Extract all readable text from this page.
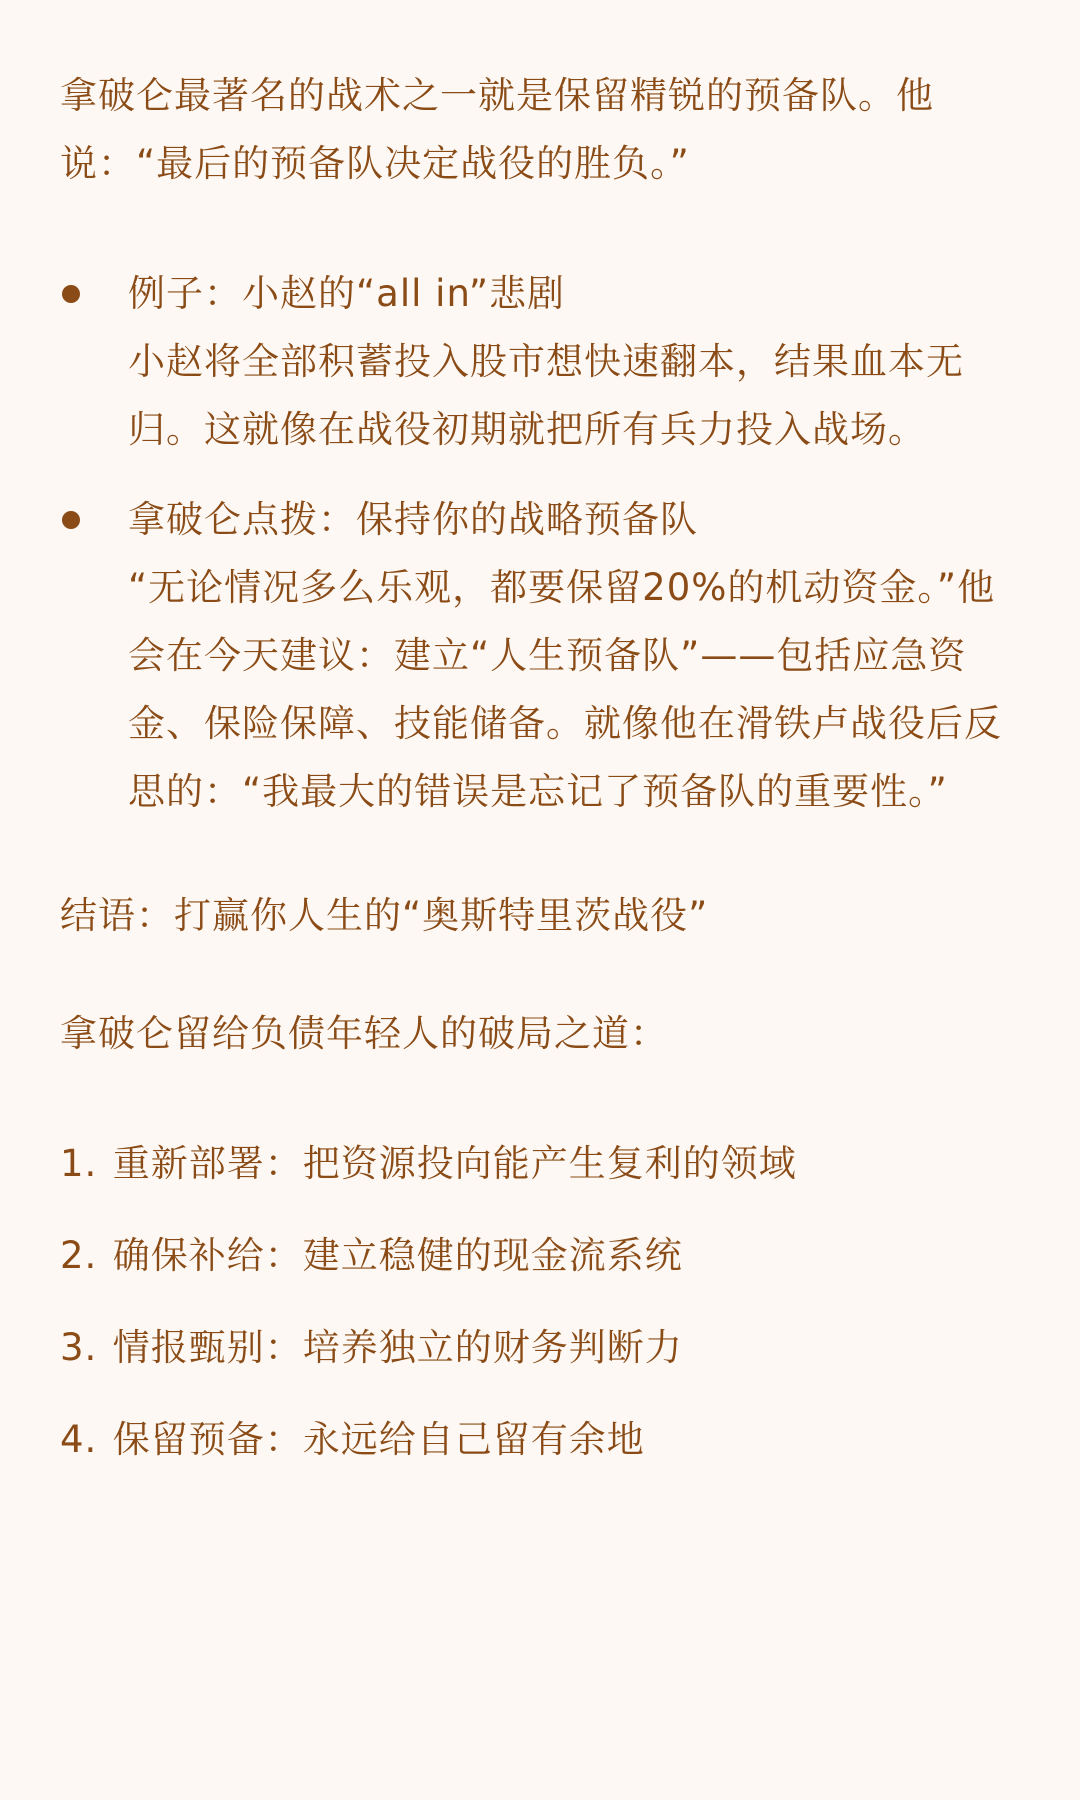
拿破仑最著名的战术之一就是保留精锐的预备队。他说：“最后的预备队决定战役的胜负。”

例子：小赵的“all in”悲剧
小赵将全部积蓄投入股市想快速翻本，结果血本无归。这就像在战役初期就把所有兵力投入战场。
拿破仑点拨：保持你的战略预备队
“无论情况多么乐观，都要保留20%的机动资金。”他会在今天建议：建立“人生预备队”——包括应急资金、保险保障、技能储备。就像他在滑铁卢战役后反思的：“我最大的错误是忘记了预备队的重要性。”

结语：打赢你人生的“奥斯特里茨战役”

拿破仑留给负债年轻人的破局之道：

1. 重新部署：把资源投向能产生复利的领域
2. 确保补给：建立稳健的现金流系统
3. 情报甄别：培养独立的财务判断力
4. 保留预备：永远给自己留有余地
